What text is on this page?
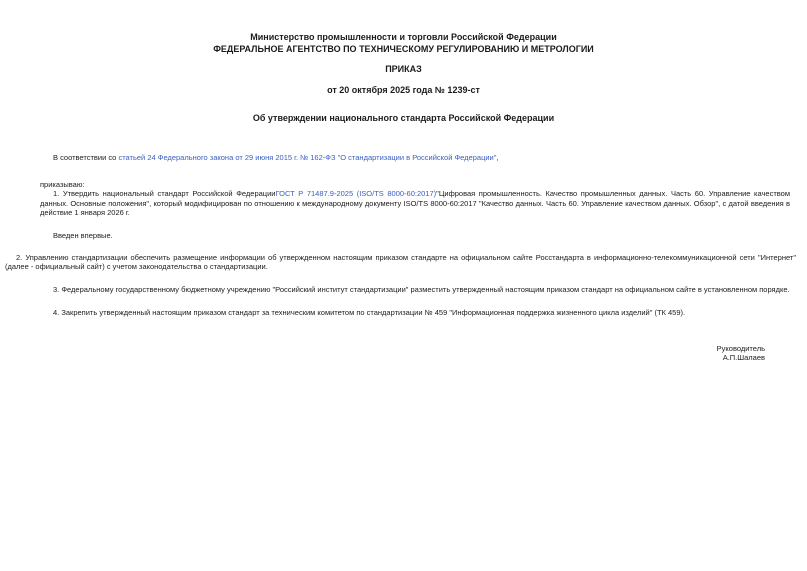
Министерство промышленности и торговли Российской Федерации
ФЕДЕРАЛЬНОЕ АГЕНТСТВО ПО ТЕХНИЧЕСКОМУ РЕГУЛИРОВАНИЮ И МЕТРОЛОГИИ
ПРИКАЗ
от 20 октября 2025 года № 1239-ст
Об утверждении национального стандарта Российской Федерации

В соответствии со статьей 24 Федерального закона от 29 июня 2015 г. № 162-ФЗ "О стандартизации в Российской Федерации",

приказываю:

1. Утвердить национальный стандарт Российской ФедерацииГОСТ Р 71487.9-2025 (ISO/TS 8000-60:2017)"Цифровая промышленность. Качество промышленных данных. Часть 60. Управление качеством данных. Основные положения", который модифицирован по отношению к международному документу ISO/TS 8000-60:2017 "Качество данных. Часть 60. Управление качеством данных. Обзор", с датой введения в действие 1 января 2026 г.

Введен впервые.

2. Управлению стандартизации обеспечить размещение информации об утвержденном настоящим приказом стандарте на официальном сайте Росстандарта в информационно-телекоммуникационной сети "Интернет" (далее - официальный сайт) с учетом законодательства о стандартизации.

3. Федеральному государственному бюджетному учреждению "Российский институт стандартизации" разместить утвержденный настоящим приказом стандарт на официальном сайте в установленном порядке.

4. Закрепить утвержденный настоящим приказом стандарт за техническим комитетом по стандартизации № 459 "Информационная поддержка жизненного цикла изделий" (ТК 459).

Руководитель
А.П.Шалаев
